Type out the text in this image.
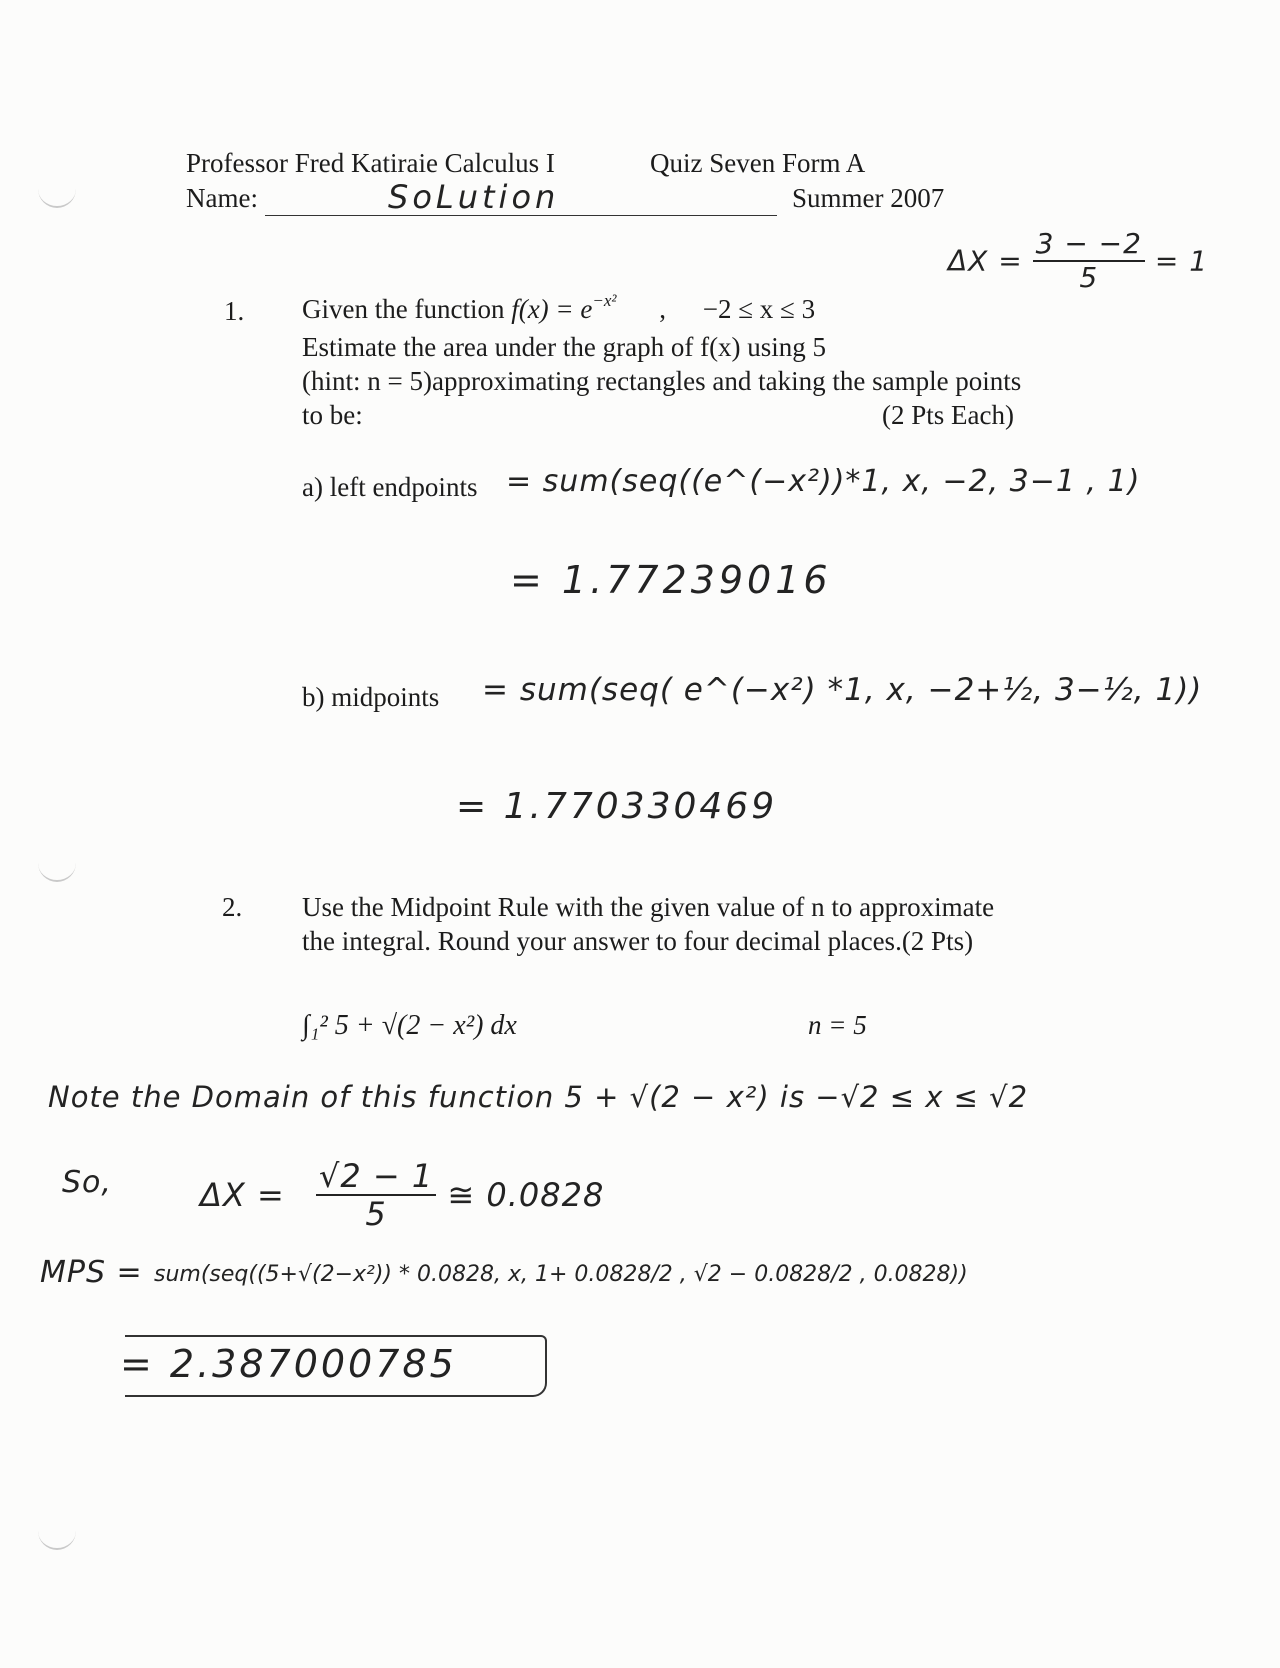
Professor Fred Katiraie Calculus I	Quiz Seven Form A
Name:	SoLution	Summer 2007
$\Delta X = \frac{3 - -2}{5} = 1$
1. Given the function $f(x) = e^{-x^2}$ , −2 ≤ x ≤ 3
Estimate the area under the graph of f(x) using 5
(hint: n = 5)approximating rectangles and taking the sample points
to be:	(2 Pts Each)
a) left endpoints = sum(seq((e^(−x²))*1, x, −2, 3−1 , 1)
= 1.77239016
b) midpoints = sum(seq( e^(−x²) *1, x, −2+½, 3−½, 1))
= 1.770330469
2. Use the Midpoint Rule with the given value of n to approximate
the integral. Round your answer to four decimal places.(2 Pts)
∫₁² 5 + √(2 − x²) dx	n = 5
Note the Domain of this function 5 + √(2 − x²) is −√2 ≤ x ≤ √2
So,	$\Delta X = \frac{√2 - 1}{5}$ ≅ 0.0828
MPS = sum(seq((5+√(2−x²)) * 0.0828, x, 1+ 0.0828/2 , √2 − 0.0828/2 , 0.0828))
= 2.387000785
